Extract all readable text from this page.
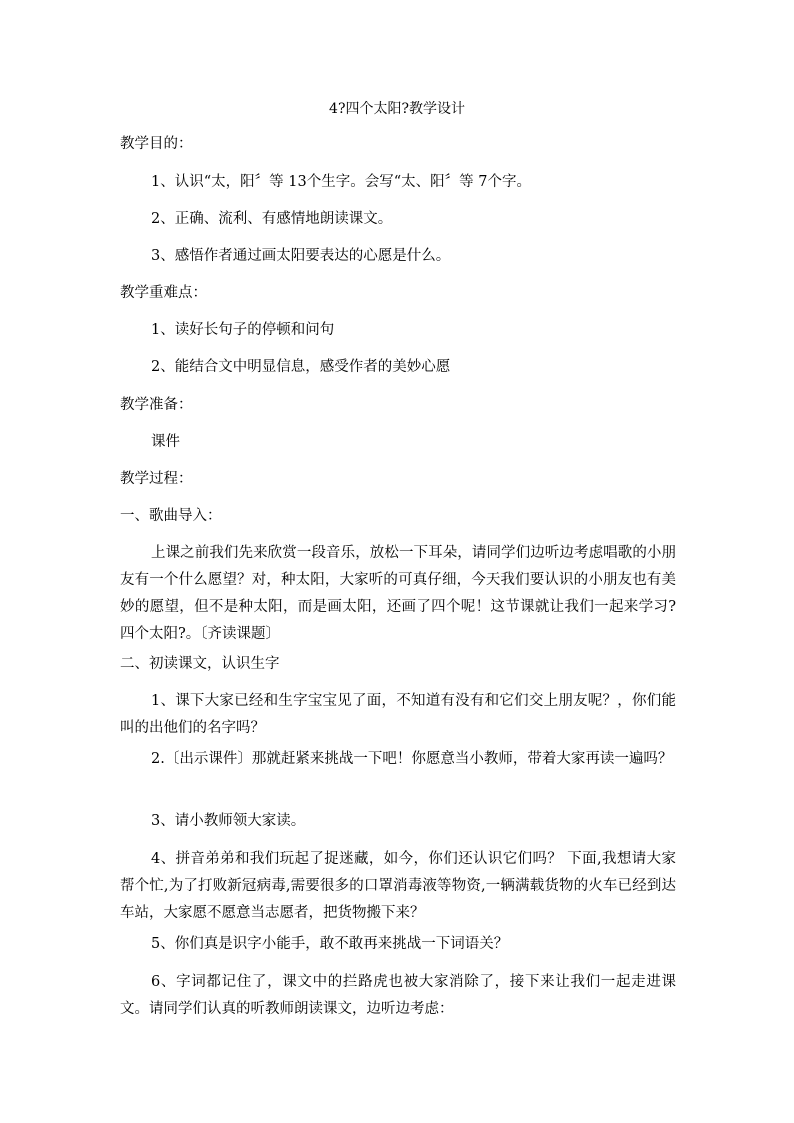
4?四个太阳?教学设计
教学目的：
1、认识“太，阳〞等 13个生字。会写“太、阳〞等 7个字。
2、正确、流利、有感情地朗读课文。
3、感悟作者通过画太阳要表达的心愿是什么。
教学重难点：
1、读好长句子的停顿和问句
2、能结合文中明显信息，感受作者的美妙心愿
教学准备：
课件
教学过程：
一、歌曲导入：
上课之前我们先来欣赏一段音乐，放松一下耳朵，请同学们边听边考虑唱歌的小朋友有一个什么愿望？对，种太阳，大家听的可真仔细，今天我们要认识的小朋友也有美妙的愿望，但不是种太阳，而是画太阳，还画了四个呢！这节课就让我们一起来学习?四个太阳?。〔齐读课题〕
二、初读课文，认识生字
1、课下大家已经和生字宝宝见了面，不知道有没有和它们交上朋友呢？，你们能叫的出他们的名字吗？
2.〔出示课件〕那就赶紧来挑战一下吧！你愿意当小教师，带着大家再读一遍吗？
3、请小教师领大家读。
4、拼音弟弟和我们玩起了捉迷藏，如今，你们还认识它们吗？ 下面,我想请大家帮个忙,为了打败新冠病毒,需要很多的口罩消毒液等物资,一辆满载货物的火车已经到达车站，大家愿不愿意当志愿者，把货物搬下来？
5、你们真是识字小能手，敢不敢再来挑战一下词语关？
6、字词都记住了，课文中的拦路虎也被大家消除了，接下来让我们一起走进课文。请同学们认真的听教师朗读课文，边听边考虑：
